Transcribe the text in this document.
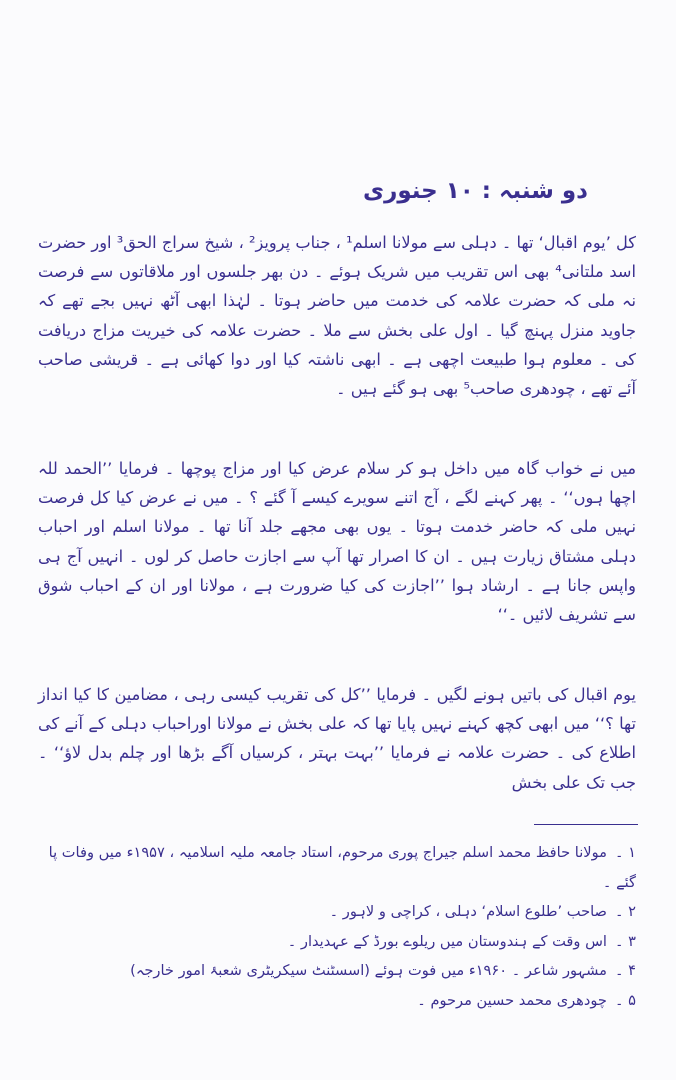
دو شنبہ : ۱۰ جنوری

کل ’یوم اقبال‘ تھا ۔ دہلی سے مولانا اسلم¹ ، جناب پرویز² ، شیخ سراج الحق³ اور حضرت اسد ملتانی⁴ بھی اس تقریب میں شریک ہوئے ۔ دن بھر جلسوں اور ملاقاتوں سے فرصت نہ ملی کہ حضرت علامہ کی خدمت میں حاضر ہوتا ۔ لہٰذا ابھی آٹھ نہیں بجے تھے کہ جاوید منزل پہنچ گیا ۔ اول علی بخش سے ملا ۔ حضرت علامہ کی خیریت مزاج دریافت کی ۔ معلوم ہوا طبیعت اچھی ہے ۔ ابھی ناشتہ کیا اور دوا کھائی ہے ۔ قریشی صاحب آئے تھے ، چودھری صاحب⁵ بھی ہو گئے ہیں ۔

میں نے خواب گاہ میں داخل ہو کر سلام عرض کیا اور مزاج پوچھا ۔ فرمایا ’’الحمد للہ اچھا ہوں‘‘ ۔ پھر کہنے لگے ، آج اتنے سویرے کیسے آ گئے ؟ ۔ میں نے عرض کیا کل فرصت نہیں ملی کہ حاضر خدمت ہوتا ۔ یوں بھی مجھے جلد آنا تھا ۔ مولانا اسلم اور احباب دہلی مشتاق زیارت ہیں ۔ ان کا اصرار تھا آپ سے اجازت حاصل کر لوں ۔ انہیں آج ہی واپس جانا ہے ۔ ارشاد ہوا ’’اجازت کی کیا ضرورت ہے ، مولانا اور ان کے احباب شوق سے تشریف لائیں ۔‘‘

یوم اقبال کی باتیں ہونے لگیں ۔ فرمایا ’’کل کی تقریب کیسی رہی ، مضامین کا کیا انداز تھا ؟‘‘ میں ابھی کچھ کہنے نہیں پایا تھا کہ علی بخش نے مولانا اوراحباب دہلی کے آنے کی اطلاع کی ۔ حضرت علامہ نے فرمایا ’’بہت بہتر ، کرسیاں آگے بڑھا اور چلم بدل لاؤ‘‘ ۔ جب تک علی بخش

۱ ۔مولانا حافظ محمد اسلم جیراج پوری مرحوم، استاد جامعہ ملیہ اسلامیہ ، ۱۹۵۷ء میں وفات پا گئے ۔
۲ ۔صاحب ’طلوع اسلام‘ دہلی ، کراچی و لاہور ۔
۳ ۔اس وقت کے ہندوستان میں ریلوے بورڈ کے عہدیدار ۔
۴ ۔مشہور شاعر ۔ ۱۹۶۰ء میں فوت ہوئے (اسسٹنٹ سیکریٹری شعبۂ امور خارجہ)
۵ ۔چودھری محمد حسین مرحوم ۔
